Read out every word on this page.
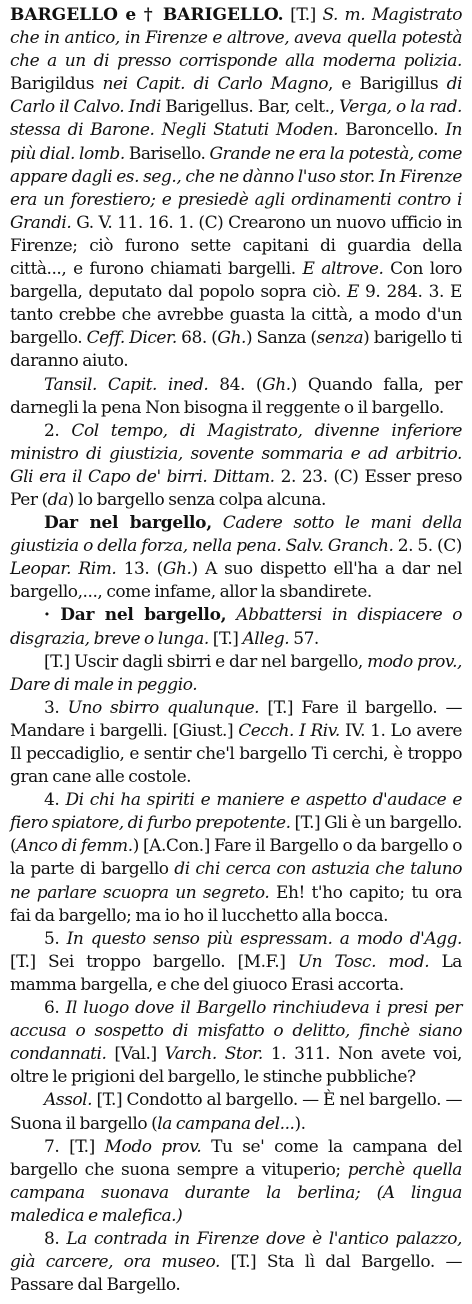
BARGELLO e † BARIGELLO. [T.] S. m. Magistrato che in antico, in Firenze e altrove, aveva quella potestà che a un di presso corrisponde alla moderna polizia. Barigildus nei Capit. di Carlo Magno, e Barigillus di Carlo il Calvo. Indi Barigellus. Bar, celt., Verga, o la rad. stessa di Barone. Negli Statuti Moden. Baroncello. In più dial. lomb. Barisello. Grande ne era la potestà, come appare dagli es. seg., che ne dànno l'uso stor. In Firenze era un forestiero; e presiedè agli ordinamenti contro i Grandi. G. V. 11. 16. 1. (C) Crearono un nuovo ufficio in Firenze; ciò furono sette capitani di guardia della città..., e furono chiamati bargelli. E altrove. Con loro bargella, deputato dal popolo sopra ciò. E 9. 284. 3. E tanto crebbe che avrebbe guasta la città, a modo d'un bargello. Ceff. Dicer. 68. (Gh.) Sanza (senza) barigello ti daranno aiuto.

Tansil. Capit. ined. 84. (Gh.) Quando falla, per darnegli la pena Non bisogna il reggente o il bargello.

2. Col tempo, di Magistrato, divenne inferiore ministro di giustizia, sovente sommaria e ad arbitrio. Gli era il Capo de' birri. Dittam. 2. 23. (C) Esser preso Per (da) lo bargello senza colpa alcuna.

Dar nel bargello, Cadere sotto le mani della giustizia o della forza, nella pena. Salv. Granch. 2. 5. (C) Leopar. Rim. 13. (Gh.) A suo dispetto ell'ha a dar nel bargello,..., come infame, allor la sbandirete.

· Dar nel bargello, Abbattersi in dispiacere o disgrazia, breve o lunga. [T.] Alleg. 57.

[T.] Uscir dagli sbirri e dar nel bargello, modo prov., Dare di male in peggio.

3. Uno sbirro qualunque. [T.] Fare il bargello. — Mandare i bargelli. [Giust.] Cecch. I Riv. IV. 1. Lo avere Il peccadiglio, e sentir che'l bargello Ti cerchi, è troppo gran cane alle costole.

4. Di chi ha spiriti e maniere e aspetto d'audace e fiero spiatore, di furbo prepotente. [T.] Gli è un bargello. (Anco di femm.) [A.Con.] Fare il Bargello o da bargello o la parte di bargello di chi cerca con astuzia che taluno ne parlare scuopra un segreto. Eh! t'ho capito; tu ora fai da bargello; ma io ho il lucchetto alla bocca.

5. In questo senso più espressam. a modo d'Agg. [T.] Sei troppo bargello. [M.F.] Un Tosc. mod. La mamma bargella, e che del giuoco Erasi accorta.

6. Il luogo dove il Bargello rinchiudeva i presi per accusa o sospetto di misfatto o delitto, finchè siano condannati. [Val.] Varch. Stor. 1. 311. Non avete voi, oltre le prigioni del bargello, le stinche pubbliche?

Assol. [T.] Condotto al bargello. — È nel bargello. — Suona il bargello (la campana del...).

7. [T.] Modo prov. Tu se' come la campana del bargello che suona sempre a vituperio; perchè quella campana suonava durante la berlina; (A lingua maledica e malefica.)

8. La contrada in Firenze dove è l'antico palazzo, già carcere, ora museo. [T.] Sta lì dal Bargello. — Passare dal Bargello.
